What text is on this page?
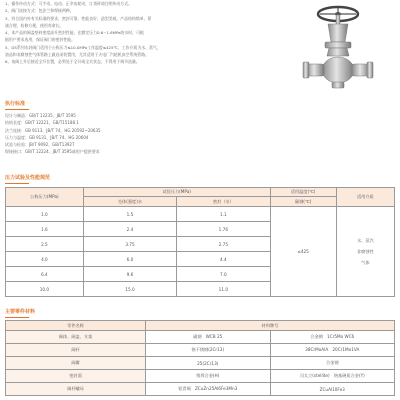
1、操作传动方式：可手动、电动、正伞齿轮动，订货时请注明传动方式。

2、阀门连接方式：包法兰和焊接两种。

3、符合国内外有关标准的要求，密封可靠，性能良好，造型美观，产品结构简单，紧

凑合理，检修方便，使用寿命长。

4、本产品的阀盖垫料密度高升密封性能，在额定压力0.6~1.6MPa的水时，可根

据用户要求选用，保证阀门的密封性能。

5、DS系列水封阀门适用于公称压力≤10.0MPa工作温度≤425℃，工作介质为水、蒸气、

油品和非腐蚀性气体管路上做启闭装置用，尤其适用于火电厂汽轮机真空系统管路。

6、该阀上升后接近全开位置，必须处于全开或全关状态，不得用于调节流量。

执行标准

设计与制造：GB/T 12235、JB/T 3595

结构长度：GB/T 12221、GB/T15188.1

法兰连接：GB 9113、JB/T 74、HG 20592~20635

压力与温度：GB 9131、JB/T 74、HG 20604

试验与检验：JB/T 9092、GB/T13927

焊接接口：GB/T 12224、JB/T 3595或用户提供要求

压力试验及性能规范
公称压力(MPa)	试验压力(MPa)		适用温度(℃)	适用介质
	壳体(强度)水	密封（水）	碳钢(℃)	
1.0	1.5	1.1	≤425	水、蒸汽
非腐蚀性
气体

1.6	2.4	1.76		
2.5	3.75	2.75		
4.0	6.0	4.4		
6.4	9.6	7.0		
10.0	15.0	11.0		
主要零件材料
零件名称	材料牌号	
阀体、阀盖、支架	碳钢　WCB 25	合金钢　1Cr5Mo WC6
阀杆	铬不锈钢(2Cr13)	38CrMoAlA　20Cr1Mo1VA
阀瓣	25(2Cr13)	合金钢
密封面	堆焊合金(H)	司太立(stellite)　铬基硬质合金(Y)
阀杆螺母	铝青铜　ZCuZn25Al6Fe3Mn3	ZCuAl10Fe3
